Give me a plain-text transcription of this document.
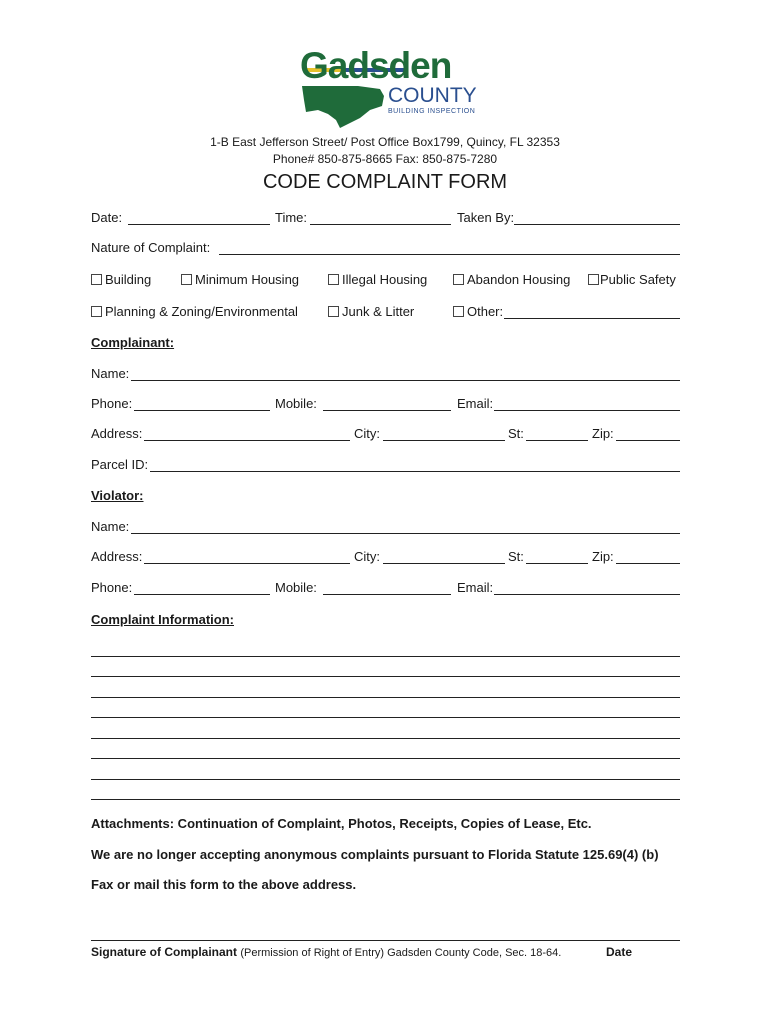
Gadsden
COUNTY
BUILDING INSPECTION
1-B East Jefferson Street/ Post Office Box1799, Quincy, FL 32353
Phone# 850-875-8665 Fax: 850-875-7280
CODE COMPLAINT FORM
Date:	Time:	Taken By:
Nature of Complaint:
Building	Minimum Housing	Illegal Housing	Abandon Housing	Public Safety
Planning & Zoning/Environmental	Junk & Litter	Other:
Complainant:
Name:
Phone:	Mobile:	Email:
Address:	City:	St:	Zip:
Parcel ID:
Violator:
Name:
Address:	City:	St:	Zip:
Phone:	Mobile:	Email:
Complaint Information:
Attachments: Continuation of Complaint, Photos, Receipts, Copies of Lease, Etc.
We are no longer accepting anonymous complaints pursuant to Florida Statute 125.69(4) (b)
Fax or mail this form to the above address.
Signature of Complainant (Permission of Right of Entry) Gadsden County Code, Sec. 18-64.	Date
